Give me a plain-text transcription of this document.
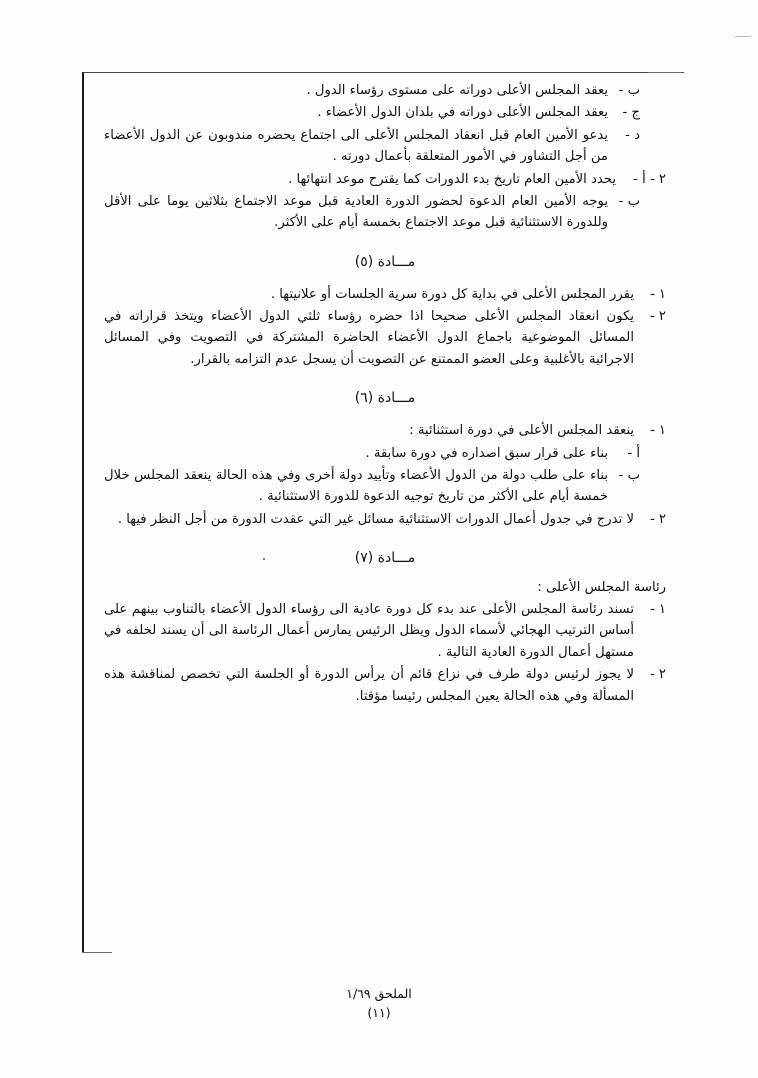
ب -
يعقد المجلس الأعلى دوراته على مستوى رؤساء الدول .
ج -
يعقد المجلس الأعلى دوراته في بلدان الدول الأعضاء .
د -
يدعو الأمين العام قبل انعقاد المجلس الأعلى الى اجتماع يحضره مندوبون عن الدول الأعضاء من أجل التشاور في الأمور المتعلقة بأعمال دورته .
٢ - أ -
يحدد الأمين العام تاريخ بدء الدورات كما يقترح موعد انتهائها .
ب -
يوجه الأمين العام الدعوة لحضور الدورة العادية قبل موعد الاجتماع بثلاثين يوما على الأقل وللدورة الاستثنائية قبل موعد الاجتماع بخمسة أيام على الأكثر.
مـــادة (٥)
١ -
يقرر المجلس الأعلى في بداية كل دورة سرية الجلسات أو علانيتها .
٢ -
يكون انعقاد المجلس الأعلى صحيحا اذا حضره رؤساء ثلثي الدول الأعضاء ويتخذ قراراته في المسائل الموضوعية باجماع الدول الأعضاء الحاضرة المشتركة في التصويت وفي المسائل الاجرائية بالأغلبية وعلى العضو الممتنع عن التصويت أن يسجل عدم التزامه بالقرار.
مـــادة (٦)
١ -
ينعقد المجلس الأعلى في دورة استثنائية :
أ -
بناء على قرار سبق اصداره في دورة سابقة .
ب -
بناء على طلب دولة من الدول الأعضاء وتأييد دولة أخرى وفي هذه الحالة ينعقد المجلس خلال خمسة أيام على الأكثر من تاريخ توجيه الدعوة للدورة الاستثنائية .
٢ -
لا تدرج في جدول أعمال الدورات الاستثنائية مسائل غير التي عقدت الدورة من أجل النظر فيها .
مـــادة (٧)
رئاسة المجلس الأعلى :
١ -
تسند رئاسة المجلس الأعلى عند بدء كل دورة عادية الى رؤساء الدول الأعضاء بالتناوب بينهم على أساس الترتيب الهجائي لأسماء الدول ويظل الرئيس يمارس أعمال الرئاسة الى أن يسند لخلفه في مستهل أعمال الدورة العادية التالية .
٢ -
لا يجوز لرئيس دولة طرف في نزاع قائم أن يرأس الدورة أو الجلسة التي تخصص لمناقشة هذه المسألة وفي هذه الحالة يعين المجلس رئيسا مؤقتا.
الملحق ١/٦٩
(١١)
